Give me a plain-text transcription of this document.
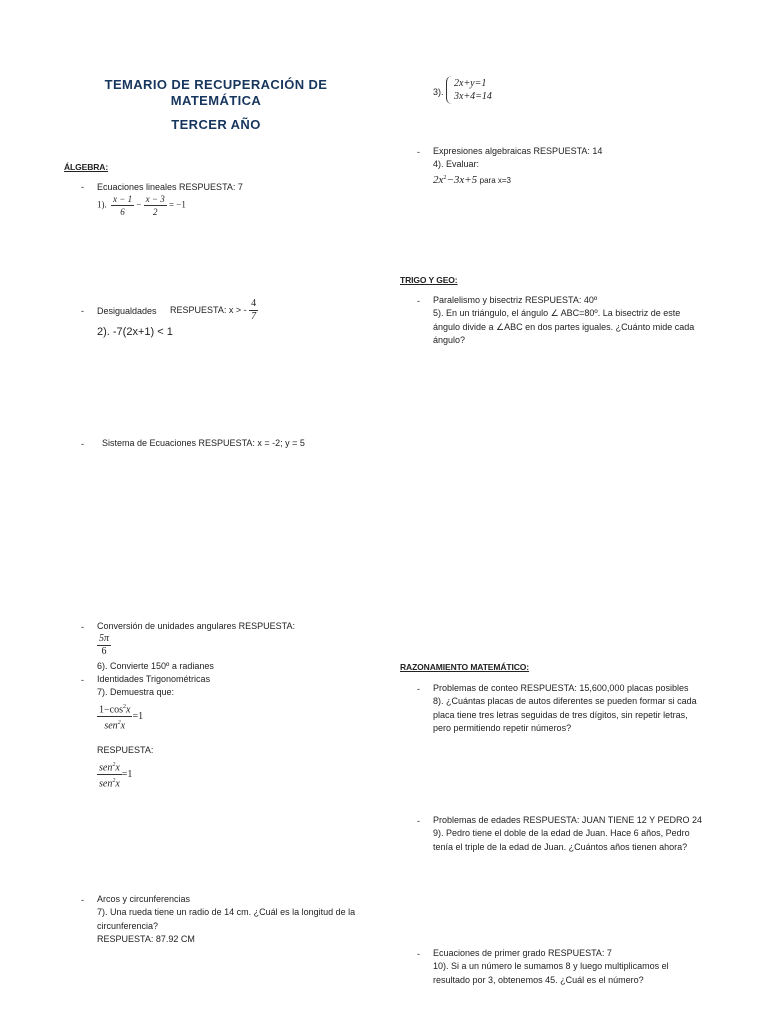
TEMARIO DE RECUPERACIÓN DE
MATEMÁTICA
TERCER AÑO
ÁLGEBRA:
- Ecuaciones lineales RESPUESTA: 7
1). $\frac{x - 1}{6} - \frac{x - 3}{2} = -1$
- Desigualdades RESPUESTA: x > - $\frac{4}{7}$
2). -7(2x+1) < 1
- Sistema de Ecuaciones RESPUESTA: x = -2; y = 5
- Conversión de unidades angulares RESPUESTA:
$\frac{5\pi}{6}$
6). Convierte 150º a radianes
- Identidades Trigonométricas
7). Demuestra que:
$\frac{1-\cos^2x}{sen^2x} =1$
RESPUESTA:
$\frac{sen^2x}{sen^2x} =1$
- Arcos y circunferencias
7). Una rueda tiene un radio de 14 cm. ¿Cuál es la longitud de la circunferencia?
RESPUESTA: 87.92 CM
3).
2x+y=1
3x+4=14
- Expresiones algebraicas RESPUESTA: 14
4). Evaluar:
$2x^2-3x+5$ para x=3
TRIGO Y GEO:
- Paralelismo y bisectriz RESPUESTA: 40º
5). En un triángulo, el ángulo ∠ ABC=80º. La bisectriz de este ángulo divide a ∠ABC en dos partes iguales. ¿Cuánto mide cada ángulo?
RAZONAMIENTO MATEMÁTICO:
- Problemas de conteo RESPUESTA: 15,600,000 placas posibles
8). ¿Cuántas placas de autos diferentes se pueden formar si cada placa tiene tres letras seguidas de tres dígitos, sin repetir letras, pero permitiendo repetir números?
- Problemas de edades RESPUESTA: JUAN TIENE 12 Y PEDRO 24
9). Pedro tiene el doble de la edad de Juan. Hace 6 años, Pedro tenía el triple de la edad de Juan. ¿Cuántos años tienen ahora?
- Ecuaciones de primer grado RESPUESTA: 7
10). Si a un número le sumamos 8 y luego multiplicamos el resultado por 3, obtenemos 45. ¿Cuál es el número?
